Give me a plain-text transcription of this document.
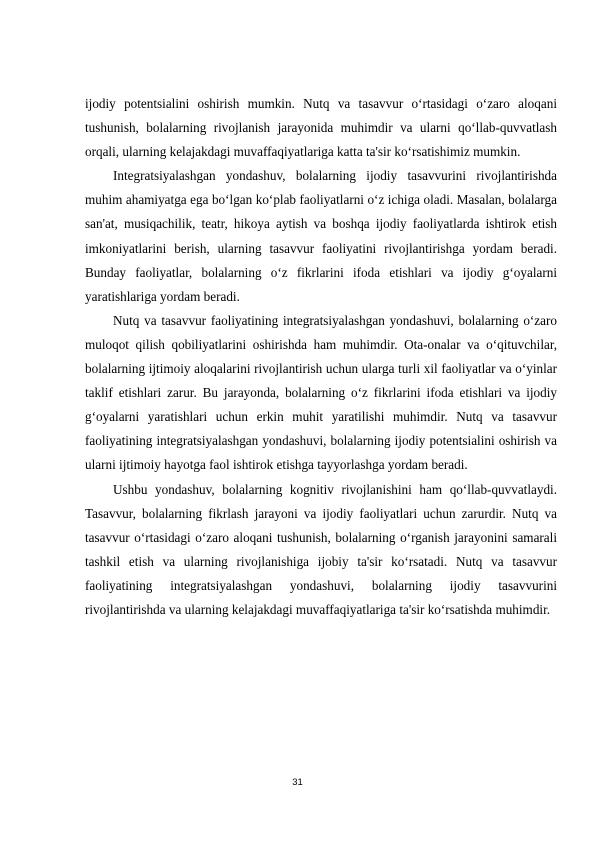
ijodiy potentsialini oshirish mumkin. Nutq va tasavvur o‘rtasidagi o‘zaro aloqani tushunish, bolalarning rivojlanish jarayonida muhimdir va ularni qo‘llab-quvvatlash orqali, ularning kelajakdagi muvaffaqiyatlariga katta ta'sir ko‘rsatishimiz mumkin.

Integratsiyalashgan yondashuv, bolalarning ijodiy tasavvurini rivojlantirishda muhim ahamiyatga ega bo‘lgan ko‘plab faoliyatlarni o‘z ichiga oladi. Masalan, bolalarga san'at, musiqachilik, teatr, hikoya aytish va boshqa ijodiy faoliyatlarda ishtirok etish imkoniyatlarini berish, ularning tasavvur faoliyatini rivojlantirishga yordam beradi. Bunday faoliyatlar, bolalarning o‘z fikrlarini ifoda etishlari va ijodiy g‘oyalarni yaratishlariga yordam beradi.

Nutq va tasavvur faoliyatining integratsiyalashgan yondashuvi, bolalarning o‘zaro muloqot qilish qobiliyatlarini oshirishda ham muhimdir. Ota-onalar va o‘qituvchilar, bolalarning ijtimoiy aloqalarini rivojlantirish uchun ularga turli xil faoliyatlar va o‘yinlar taklif etishlari zarur. Bu jarayonda, bolalarning o‘z fikrlarini ifoda etishlari va ijodiy g‘oyalarni yaratishlari uchun erkin muhit yaratilishi muhimdir. Nutq va tasavvur faoliyatining integratsiyalashgan yondashuvi, bolalarning ijodiy potentsialini oshirish va ularni ijtimoiy hayotga faol ishtirok etishga tayyorlashga yordam beradi.

Ushbu yondashuv, bolalarning kognitiv rivojlanishini ham qo‘llab-quvvatlaydi. Tasavvur, bolalarning fikrlash jarayoni va ijodiy faoliyatlari uchun zarurdir. Nutq va tasavvur o‘rtasidagi o‘zaro aloqani tushunish, bolalarning o‘rganish jarayonini samarali tashkil etish va ularning rivojlanishiga ijobiy ta'sir ko‘rsatadi. Nutq va tasavvur faoliyatining integratsiyalashgan yondashuvi, bolalarning ijodiy tasavvurini rivojlantirishda va ularning kelajakdagi muvaffaqiyatlariga ta'sir ko‘rsatishda muhimdir.

31
